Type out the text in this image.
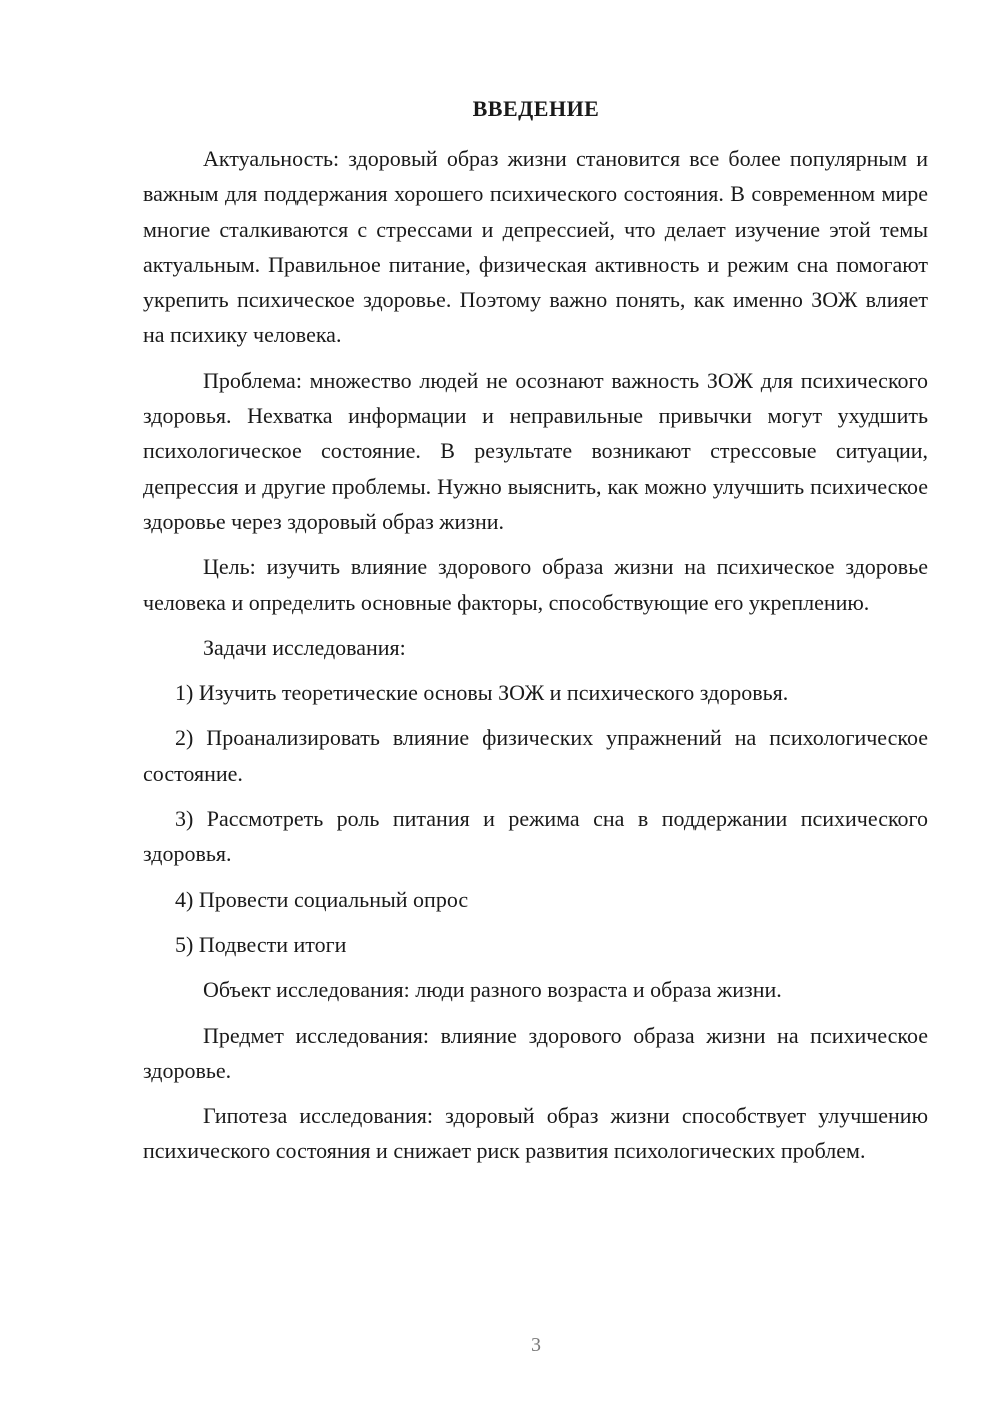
ВВЕДЕНИЕ

Актуальность: здоровый образ жизни становится все более популярным и важным для поддержания хорошего психического состояния. В современном мире многие сталкиваются с стрессами и депрессией, что делает изучение этой темы актуальным. Правильное питание, физическая активность и режим сна помогают укрепить психическое здоровье. Поэтому важно понять, как именно ЗОЖ влияет на психику человека.

Проблема: множество людей не осознают важность ЗОЖ для психического здоровья. Нехватка информации и неправильные привычки могут ухудшить психологическое состояние. В результате возникают стрессовые ситуации, депрессия и другие проблемы. Нужно выяснить, как можно улучшить психическое здоровье через здоровый образ жизни.

Цель: изучить влияние здорового образа жизни на психическое здоровье человека и определить основные факторы, способствующие его укреплению.

Задачи исследования:

1) Изучить теоретические основы ЗОЖ и психического здоровья.

2) Проанализировать влияние физических упражнений на психологическое состояние.

3) Рассмотреть роль питания и режима сна в поддержании психического здоровья.

4) Провести социальный опрос

5) Подвести итоги

Объект исследования: люди разного возраста и образа жизни.

Предмет исследования: влияние здорового образа жизни на психическое здоровье.

Гипотеза исследования: здоровый образ жизни способствует улучшению психического состояния и снижает риск развития психологических проблем.

3
